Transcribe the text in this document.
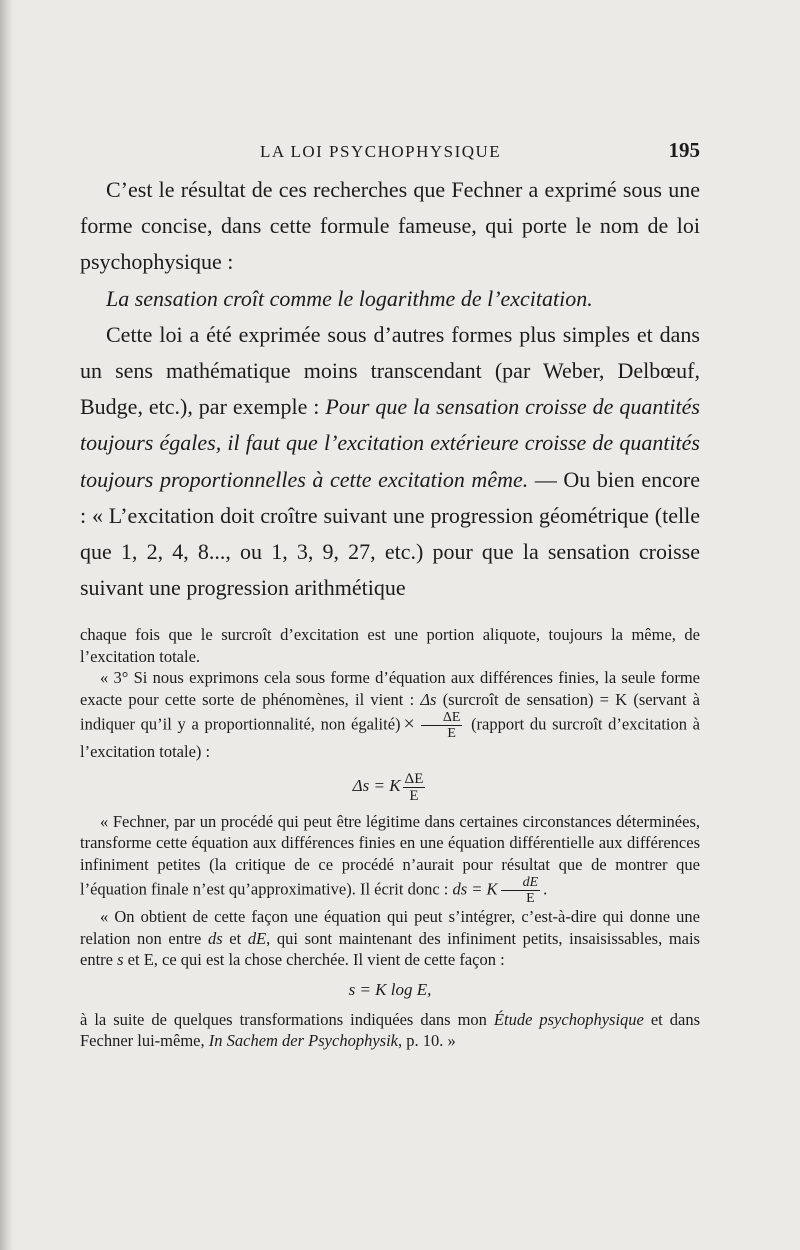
LA LOI PSYCHOPHYSIQUE	195

C’est le résultat de ces recherches que Fechner a exprimé sous une forme concise, dans cette formule fameuse, qui porte le nom de loi psychophysique :

La sensation croît comme le logarithme de l’excitation.

Cette loi a été exprimée sous d’autres formes plus simples et dans un sens mathématique moins transcendant (par Weber, Delbœuf, Budge, etc.), par exemple : Pour que la sensation croisse de quantités toujours égales, il faut que l’excitation extérieure croisse de quantités toujours proportionnelles à cette excitation même. — Ou bien encore : « L’excitation doit croître suivant une progression géométrique (telle que 1, 2, 4, 8..., ou 1, 3, 9, 27, etc.) pour que la sensation croisse suivant une progression arithmétique

chaque fois que le surcroît d’excitation est une portion aliquote, toujours la même, de l’excitation totale.

« 3° Si nous exprimons cela sous forme d’équation aux différences finies, la seule forme exacte pour cette sorte de phénomènes, il vient : Δs (surcroît de sensation) = K (servant à indiquer qu’il y a proportionnalité, non égalité) × $\frac{\Delta E}{E}$ (rapport du surcroît d’excitation à l’excitation totale) :

Δs = K $\frac{\Delta E}{E}$

« Fechner, par un procédé qui peut être légitime dans certaines circonstances déterminées, transforme cette équation aux différences finies en une équation différentielle aux différences infiniment petites (la critique de ce procédé n’aurait pour résultat que de montrer que l’équation finale n’est qu’approximative). Il écrit donc : ds = K $\frac{dE}{E}$ .

« On obtient de cette façon une équation qui peut s’intégrer, c’est-à-dire qui donne une relation non entre ds et dE, qui sont maintenant des infiniment petits, insaisissables, mais entre s et E, ce qui est la chose cherchée. Il vient de cette façon :

s = K log E,

à la suite de quelques transformations indiquées dans mon Étude psychophysique et dans Fechner lui-même, In Sachem der Psychophysik, p. 10. »
